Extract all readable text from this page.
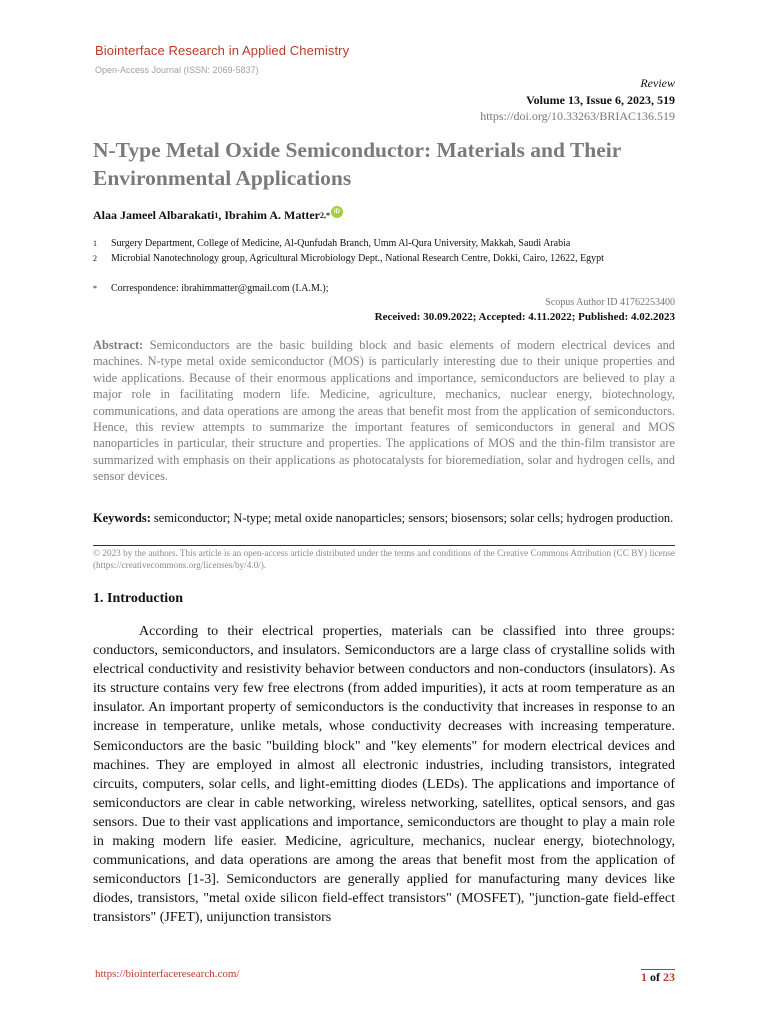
Biointerface Research in Applied Chemistry
Open-Access Journal (ISSN: 2069-5837)
Review
Volume 13, Issue 6, 2023, 519
https://doi.org/10.33263/BRIAC136.519
N-Type Metal Oxide Semiconductor: Materials and Their Environmental Applications
Alaa Jameel Albarakati 1 , Ibrahim A. Matter 2,* iD
1	Surgery Department, College of Medicine, Al-Qunfudah Branch, Umm Al-Qura University, Makkah, Saudi Arabia
2	Microbial Nanotechnology group, Agricultural Microbiology Dept., National Research Centre, Dokki, Cairo, 12622, Egypt
*	Correspondence: ibrahimmatter@gmail.com (I.A.M.);
Scopus Author ID 41762253400
Received: 30.09.2022; Accepted: 4.11.2022; Published: 4.02.2023

Abstract: Semiconductors are the basic building block and basic elements of modern electrical devices and machines. N-type metal oxide semiconductor (MOS) is particularly interesting due to their unique properties and wide applications. Because of their enormous applications and importance, semiconductors are believed to play a major role in facilitating modern life. Medicine, agriculture, mechanics, nuclear energy, biotechnology, communications, and data operations are among the areas that benefit most from the application of semiconductors. Hence, this review attempts to summarize the important features of semiconductors in general and MOS nanoparticles in particular, their structure and properties. The applications of MOS and the thin-film transistor are summarized with emphasis on their applications as photocatalysts for bioremediation, solar and hydrogen cells, and sensor devices.

Keywords: semiconductor; N-type; metal oxide nanoparticles; sensors; biosensors; solar cells; hydrogen production.

© 2023 by the authors. This article is an open-access article distributed under the terms and conditions of the Creative Commons Attribution (CC BY) license (https://creativecommons.org/licenses/by/4.0/).

1. Introduction

According to their electrical properties, materials can be classified into three groups: conductors, semiconductors, and insulators. Semiconductors are a large class of crystalline solids with electrical conductivity and resistivity behavior between conductors and non-conductors (insulators). As its structure contains very few free electrons (from added impurities), it acts at room temperature as an insulator. An important property of semiconductors is the conductivity that increases in response to an increase in temperature, unlike metals, whose conductivity decreases with increasing temperature. Semiconductors are the basic "building block" and "key elements" for modern electrical devices and machines. They are employed in almost all electronic industries, including transistors, integrated circuits, computers, solar cells, and light-emitting diodes (LEDs). The applications and importance of semiconductors are clear in cable networking, wireless networking, satellites, optical sensors, and gas sensors. Due to their vast applications and importance, semiconductors are thought to play a main role in making modern life easier. Medicine, agriculture, mechanics, nuclear energy, biotechnology, communications, and data operations are among the areas that benefit most from the application of semiconductors [1-3]. Semiconductors are generally applied for manufacturing many devices like diodes, transistors, "metal oxide silicon field-effect transistors" (MOSFET), "junction-gate field-effect transistors" (JFET), unijunction transistors

https://biointerfaceresearch.com/	1 of 23
